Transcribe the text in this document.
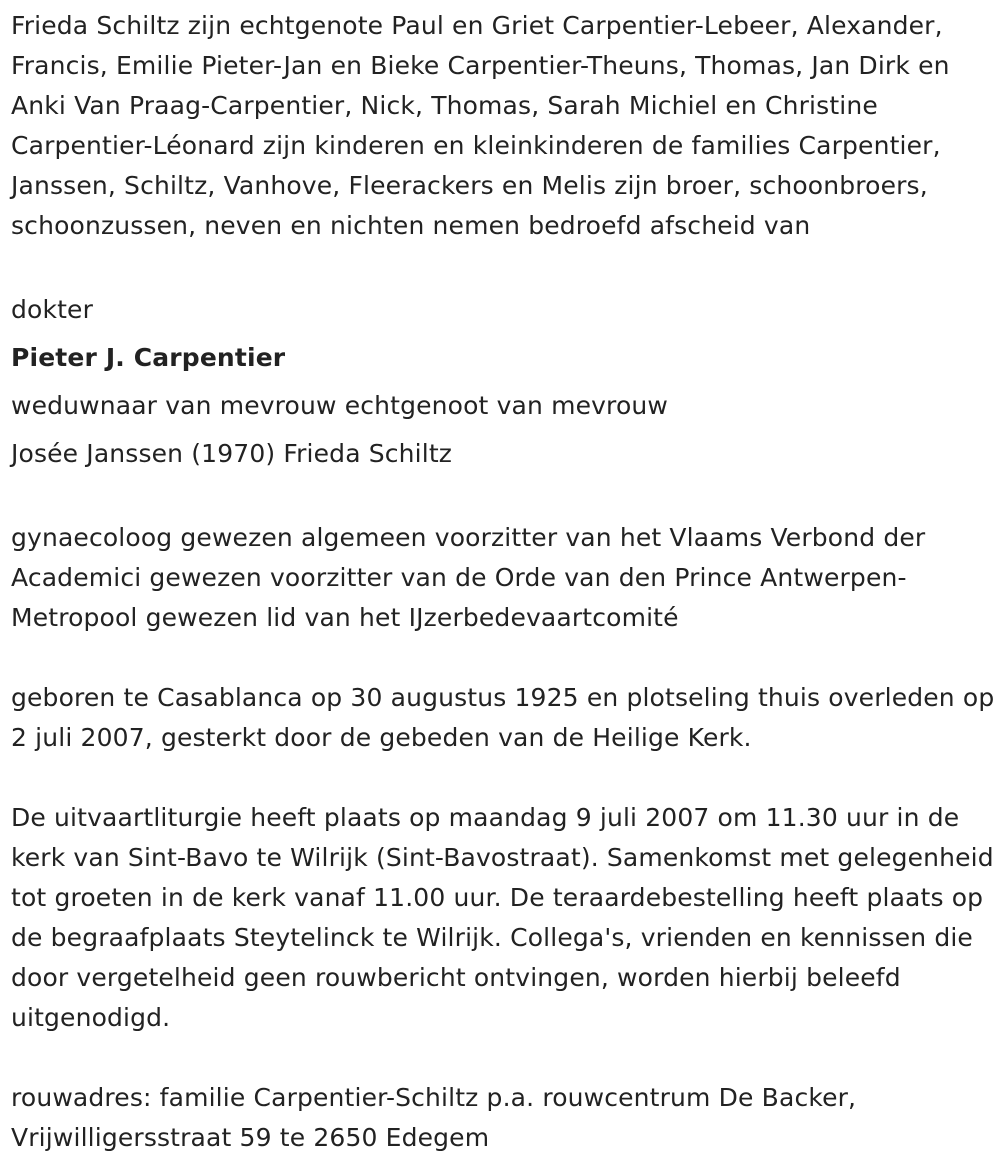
Frieda Schiltz zijn echtgenote Paul en Griet Carpentier-Lebeer, Alexander, Francis, Emilie Pieter-Jan en Bieke Carpentier-Theuns, Thomas, Jan Dirk en Anki Van Praag-Carpentier, Nick, Thomas, Sarah Michiel en Christine Carpentier-Léonard zijn kinderen en kleinkinderen de families Carpentier, Janssen, Schiltz, Vanhove, Fleerackers en Melis zijn broer, schoonbroers, schoonzussen, neven en nichten nemen bedroefd afscheid van

dokter

Pieter J. Carpentier

weduwnaar van mevrouw
echtgenoot van mevrouw
Josée Janssen (1970)
Frieda Schiltz

gynaecoloog gewezen algemeen voorzitter van het Vlaams Verbond der Academici gewezen voorzitter van de Orde van den Prince Antwerpen-Metropool gewezen lid van het IJzerbedevaartcomité

geboren te Casablanca op 30 augustus 1925 en plotseling thuis overleden op 2 juli 2007, gesterkt door de gebeden van de Heilige Kerk.

De uitvaartliturgie heeft plaats op maandag 9 juli 2007 om 11.30 uur in de kerk van Sint-Bavo te Wilrijk (Sint-Bavostraat). Samenkomst met gelegenheid tot groeten in de kerk vanaf 11.00 uur. De teraardebestelling heeft plaats op de begraafplaats Steytelinck te Wilrijk. Collega's, vrienden en kennissen die door vergetelheid geen rouwbericht ontvingen, worden hierbij beleefd uitgenodigd.

rouwadres: familie Carpentier-Schiltz p.a. rouwcentrum De Backer, Vrijwilligersstraat 59 te 2650 Edegem
